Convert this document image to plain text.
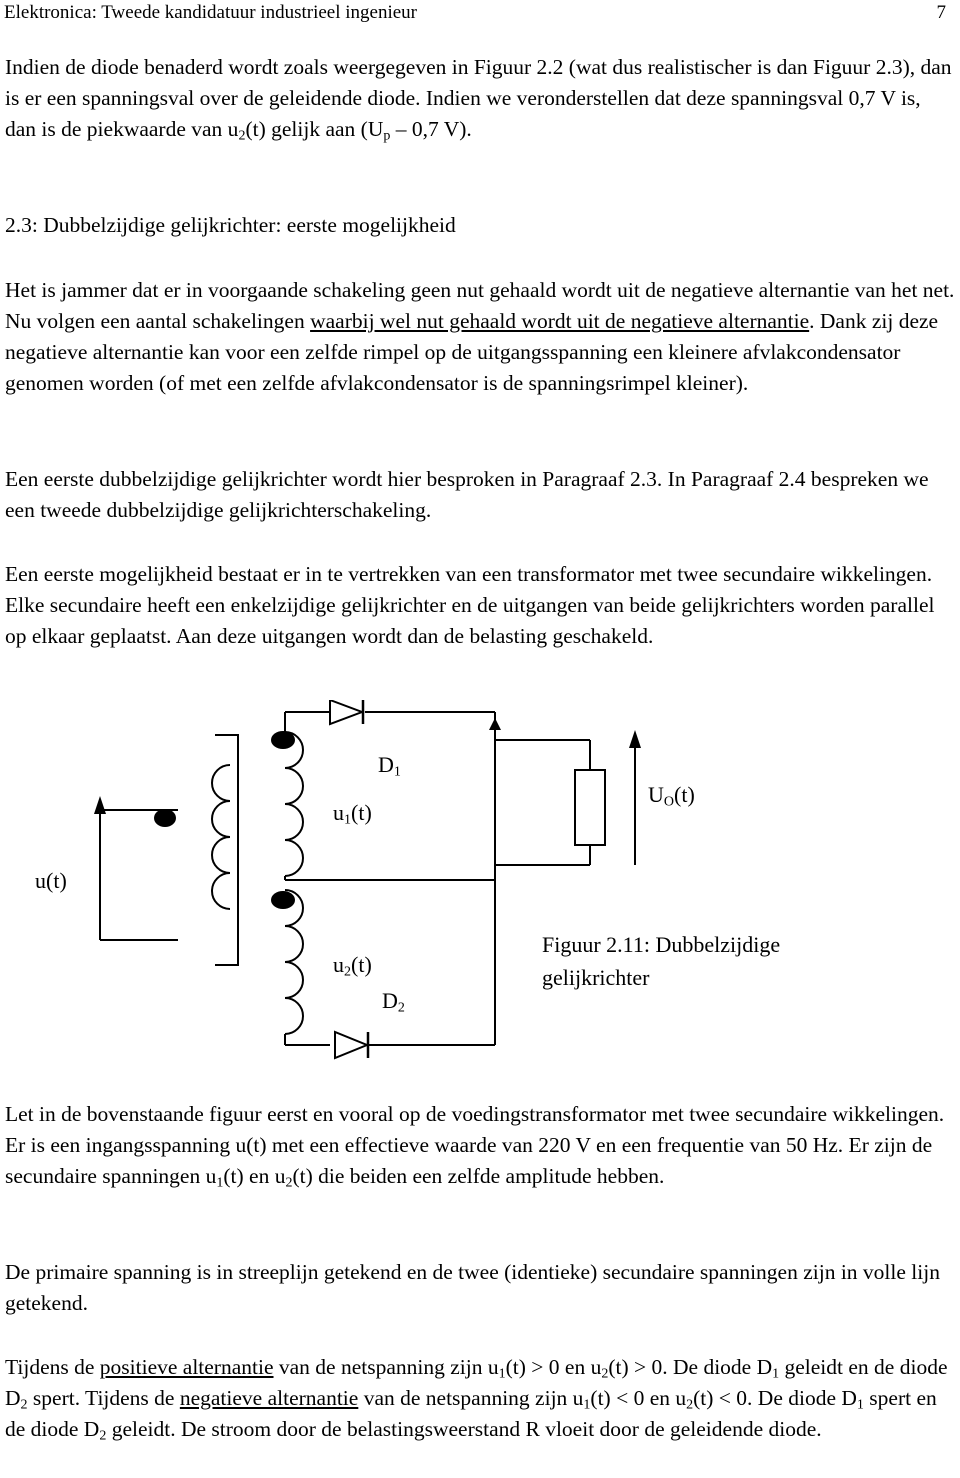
Elektronica: Tweede kandidatuur industrieel ingenieur	7

Indien de diode benaderd wordt zoals weergegeven in Figuur 2.2 (wat dus realistischer is dan Figuur 2.3), dan is er een spanningsval over de geleidende diode. Indien we veronderstellen dat deze spanningsval 0,7 V is, dan is de piekwaarde van $u_2(t)$ gelijk aan ($U_p - 0,7$ V).

2.3: Dubbelzijdige gelijkrichter: eerste mogelijkheid

Het is jammer dat er in voorgaande schakeling geen nut gehaald wordt uit de negatieve alternantie van het net. Nu volgen een aantal schakelingen waarbij wel nut gehaald wordt uit de negatieve alternantie. Dank zij deze negatieve alternantie kan voor een zelfde rimpel op de uitgangsspanning een kleinere afvlakcondensator genomen worden (of met een zelfde afvlakcondensator is de spanningsrimpel kleiner).

Een eerste dubbelzijdige gelijkrichter wordt hier besproken in Paragraaf 2.3. In Paragraaf 2.4 bespreken we een tweede dubbelzijdige gelijkrichterschakeling.

Een eerste mogelijkheid bestaat er in te vertrekken van een transformator met twee secundaire wikkelingen. Elke secundaire heeft een enkelzijdige gelijkrichter en de uitgangen van beide gelijkrichters worden parallel op elkaar geplaatst. Aan deze uitgangen wordt dan de belasting geschakeld.

$D_1$
$u_1(t)$
$U_O(t)$
u(t)
$u_2(t)$
$D_2$
Figuur 2.11: Dubbelzijdige gelijkrichter

Let in de bovenstaande figuur eerst en vooral op de voedingstransformator met twee secundaire wikkelingen. Er is een ingangsspanning u(t) met een effectieve waarde van 220 V en een frequentie van 50 Hz. Er zijn de secundaire spanningen $u_1(t)$ en $u_2(t)$ die beiden een zelfde amplitude hebben.

De primaire spanning is in streeplijn getekend en de twee (identieke) secundaire spanningen zijn in volle lijn getekend.

Tijdens de positieve alternantie van de netspanning zijn $u_1(t) > 0$ en $u_2(t) > 0$. De diode $D_1$ geleidt en de diode $D_2$ spert. Tijdens de negatieve alternantie van de netspanning zijn $u_1(t) < 0$ en $u_2(t) < 0$. De diode $D_1$ spert en de diode $D_2$ geleidt. De stroom door de belastingsweerstand R vloeit door de geleidende diode.
